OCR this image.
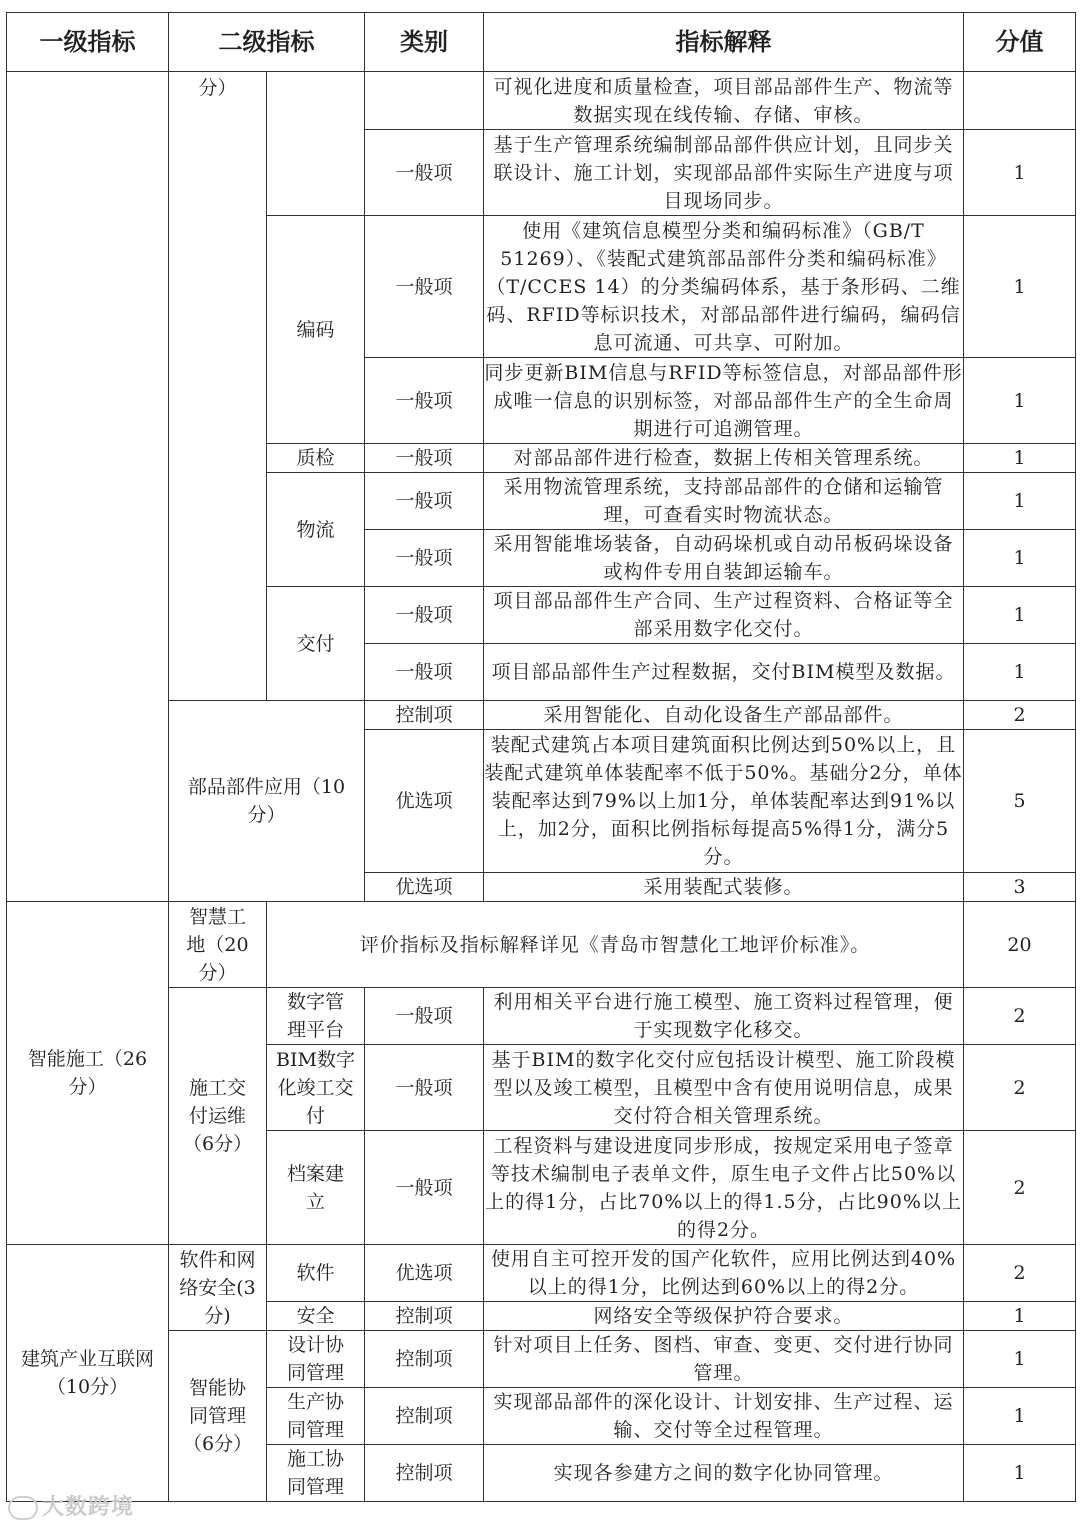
一级指标	二级指标		类别	指标解释	分值
	分）			可视化进度和质量检查，项目部品部件生产、物流等数据实现在线传输、存储、审核。	
			一般项	基于生产管理系统编制部品部件供应计划，且同步关联设计、施工计划，实现部品部件实际生产进度与项目现场同步。	1
		编码	一般项	使用《建筑信息模型分类和编码标准》（GB/T 51269）、《装配式建筑部品部件分类和编码标准》（T/CCES 14）的分类编码体系，基于条形码、二维码、RFID等标识技术，对部品部件进行编码，编码信息可流通、可共享、可附加。	1
			一般项	同步更新BIM信息与RFID等标签信息，对部品部件形成唯一信息的识别标签，对部品部件生产的全生命周期进行可追溯管理。	1
		质检	一般项	对部品部件进行检查，数据上传相关管理系统。	1
		物流	一般项	采用物流管理系统，支持部品部件的仓储和运输管理，可查看实时物流状态。	1
			一般项	采用智能堆场装备，自动码垛机或自动吊板码垛设备或构件专用自装卸运输车。	1
		交付	一般项	项目部品部件生产合同、生产过程资料、合格证等全部采用数字化交付。	1
			一般项	项目部品部件生产过程数据，交付BIM模型及数据。	1
	部品部件应用（10分）		控制项	采用智能化、自动化设备生产部品部件。	2
			优选项	装配式建筑占本项目建筑面积比例达到50%以上，且装配式建筑单体装配率不低于50%。基础分2分，单体装配率达到79%以上加1分，单体装配率达到91%以上，加2分，面积比例指标每提高5%得1分，满分5分。	5
			优选项	采用装配式装修。	3
智能施工（26分）	智慧工地（20分）	评价指标及指标解释详见《青岛市智慧化工地评价标准》。			20
	施工交付运维（6分）	数字管理平台	一般项	利用相关平台进行施工模型、施工资料过程管理，便于实现数字化移交。	2
		BIM数字化竣工交付	一般项	基于BIM的数字化交付应包括设计模型、施工阶段模型以及竣工模型，且模型中含有使用说明信息，成果交付符合相关管理系统。	2
		档案建立	一般项	工程资料与建设进度同步形成，按规定采用电子签章等技术编制电子表单文件，原生电子文件占比50%以上的得1分，占比70%以上的得1.5分，占比90%以上的得2分。	2
建筑产业互联网（10分）	软件和网络安全(3分)	软件	优选项	使用自主可控开发的国产化软件，应用比例达到40%以上的得1分，比例达到60%以上的得2分。	2
		安全	控制项	网络安全等级保护符合要求。	1
	智能协同管理（6分）	设计协同管理	控制项	针对项目上任务、图档、审查、变更、交付进行协同管理。	1
		生产协同管理	控制项	实现部品部件的深化设计、计划安排、生产过程、运输、交付等全过程管理。	1
		施工协同管理	控制项	实现各参建方之间的数字化协同管理。	1
大数跨境
